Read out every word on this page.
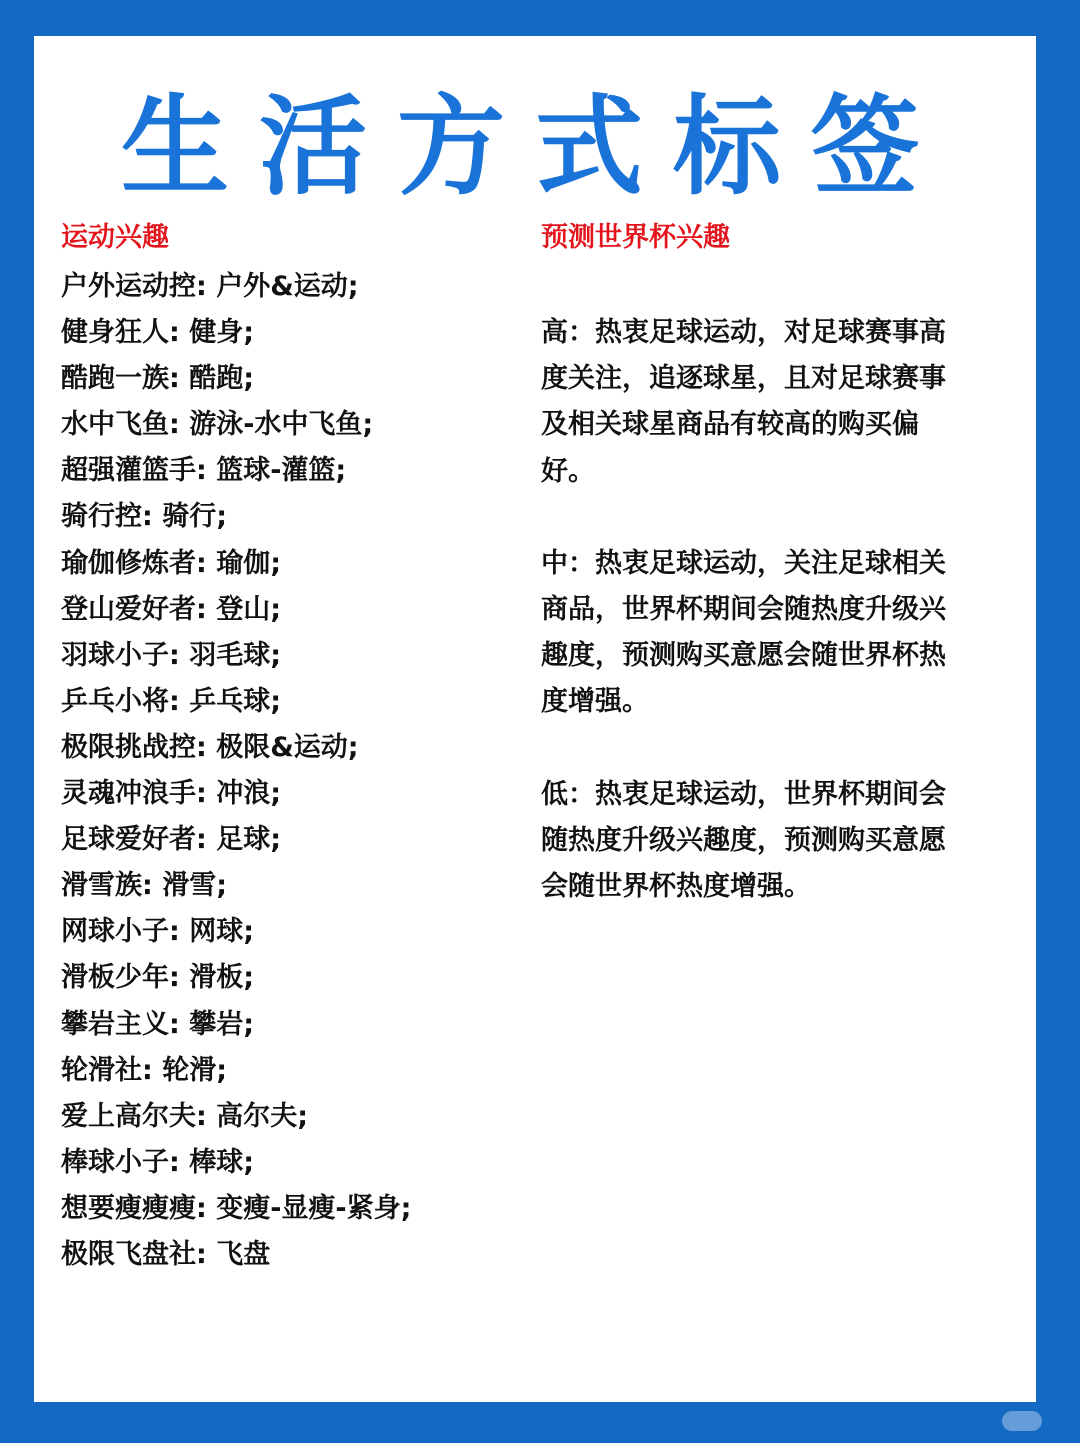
生活方式标签
运动兴趣
户外运动控: 户外&运动;
健身狂人: 健身;
酷跑一族: 酷跑;
水中飞鱼: 游泳-水中飞鱼;
超强灌篮手: 篮球-灌篮;
骑行控: 骑行;
瑜伽修炼者: 瑜伽;
登山爱好者: 登山;
羽球小子: 羽毛球;
乒乓小将: 乒乓球;
极限挑战控: 极限&运动;
灵魂冲浪手: 冲浪;
足球爱好者: 足球;
滑雪族: 滑雪;
网球小子: 网球;
滑板少年: 滑板;
攀岩主义: 攀岩;
轮滑社: 轮滑;
爱上高尔夫: 高尔夫;
棒球小子: 棒球;
想要瘦瘦瘦: 变瘦-显瘦-紧身;
极限飞盘社: 飞盘
预测世界杯兴趣

高：热衷足球运动，对足球赛事高度关注，追逐球星，且对足球赛事及相关球星商品有较高的购买偏好。

中：热衷足球运动，关注足球相关商品，世界杯期间会随热度升级兴趣度，预测购买意愿会随世界杯热度增强。

低：热衷足球运动，世界杯期间会随热度升级兴趣度，预测购买意愿会随世界杯热度增强。
